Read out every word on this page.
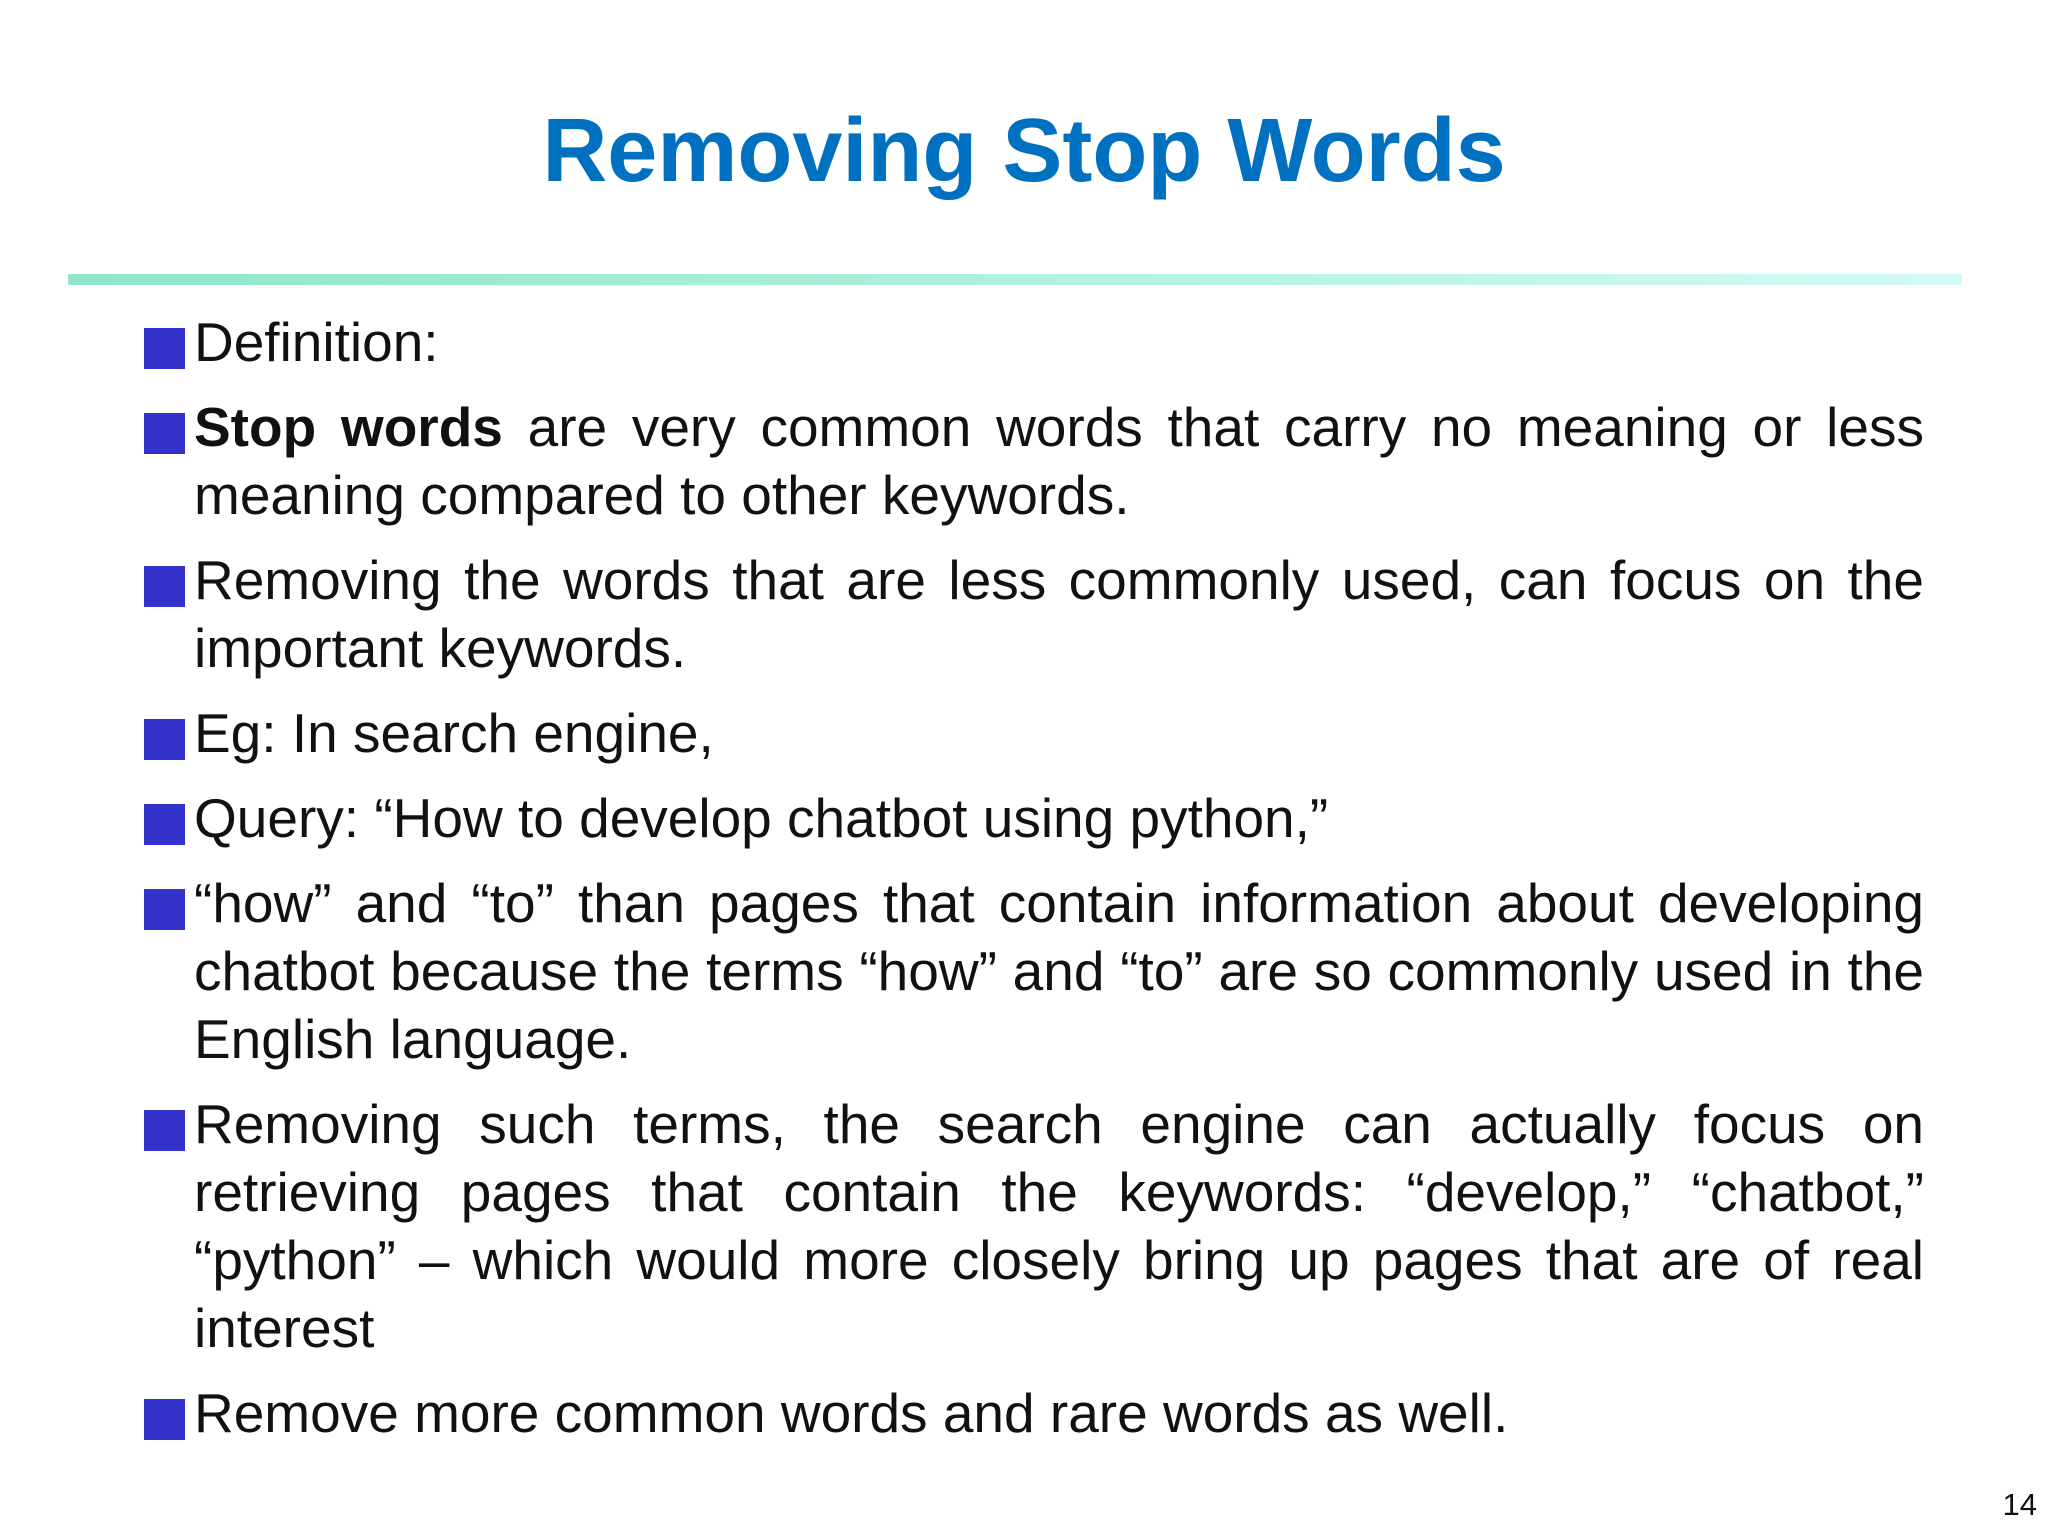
Removing Stop Words
Definition:
Stop words are very common words that carry no meaning or less meaning compared to other keywords.
Removing the words that are less commonly used, can focus on the important keywords.
Eg: In search engine,
Query: “How to develop chatbot using python,”
“how” and “to” than pages that contain information about developing chatbot because the terms “how” and “to” are so commonly used in the English language.
Removing such terms, the search engine can actually focus on retrieving pages that contain the keywords: “develop,” “chatbot,” “python” – which would more closely bring up pages that are of real interest
Remove more common words and rare words as well.
14
